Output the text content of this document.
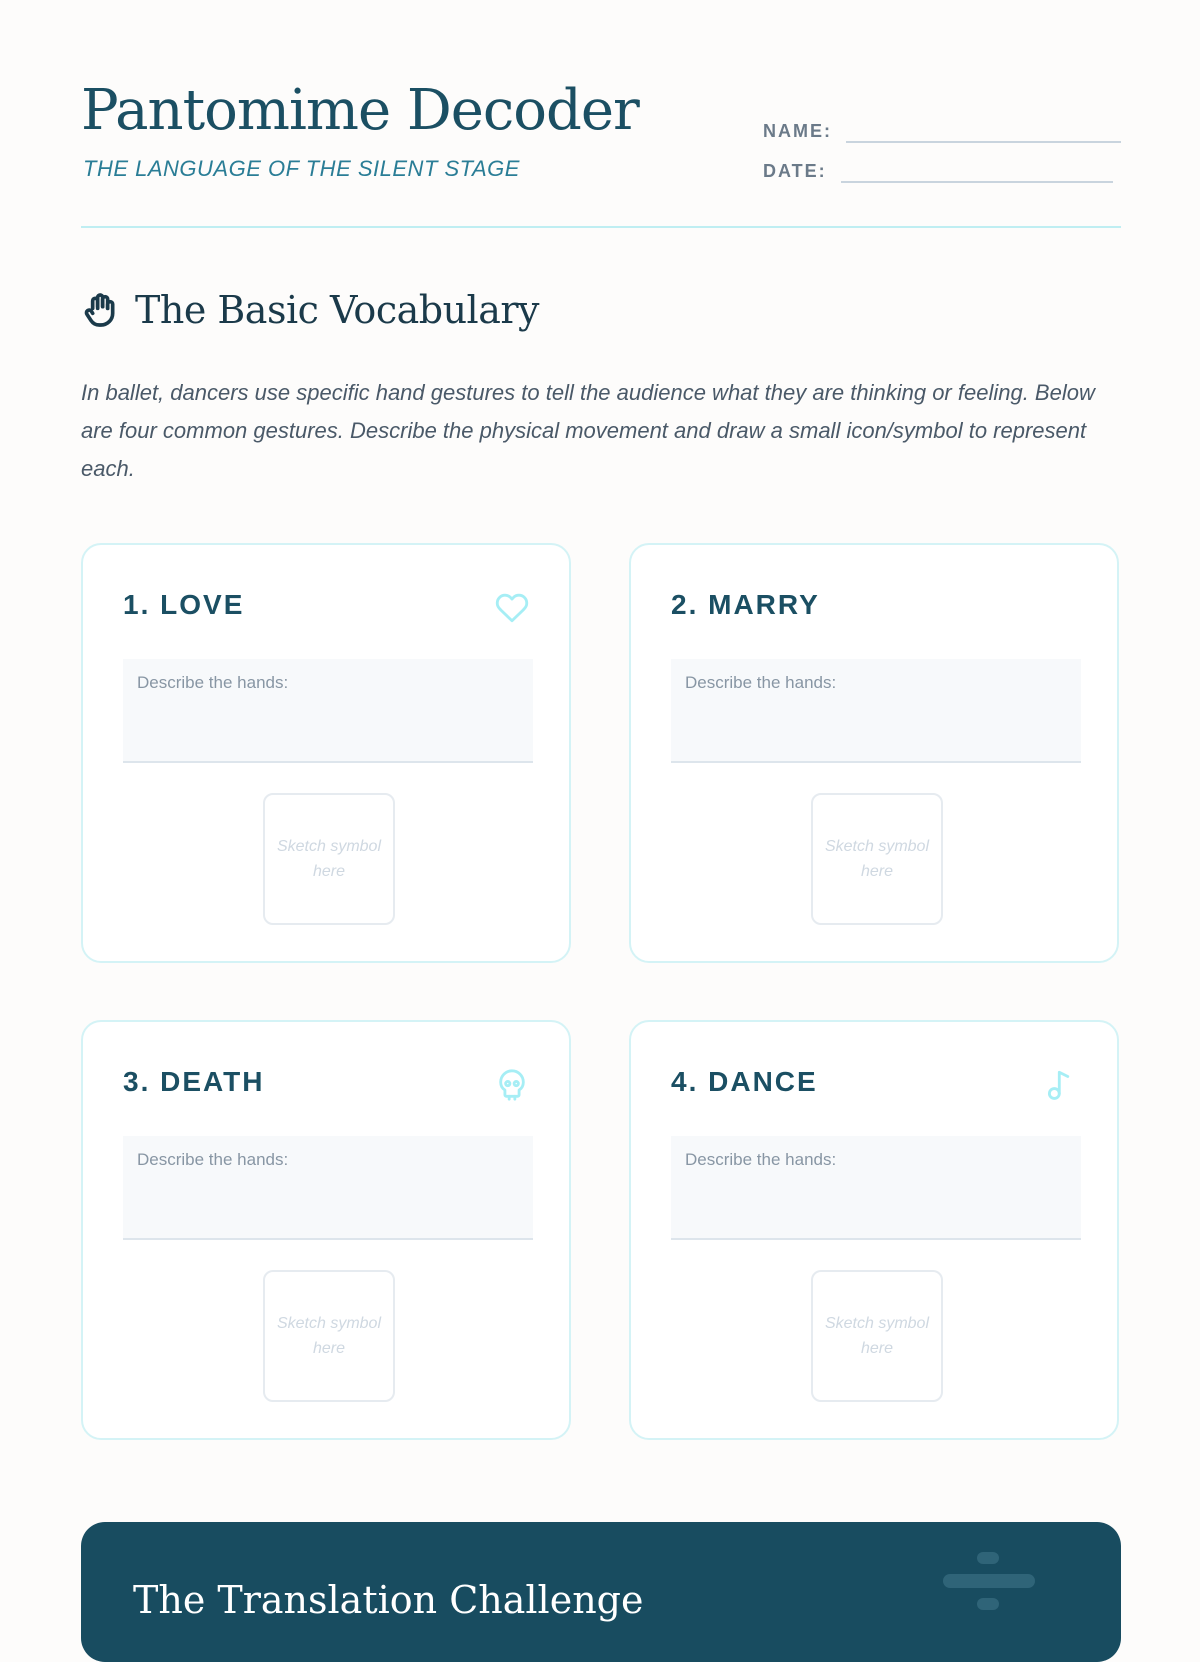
Pantomime Decoder
THE LANGUAGE OF THE SILENT STAGE
NAME:
DATE:
The Basic Vocabulary

In ballet, dancers use specific hand gestures to tell the audience what they are thinking or feeling. Below are four common gestures. Describe the physical movement and draw a small icon/symbol to represent each.

1. LOVE
Describe the hands:
Sketch symbol here
2. MARRY
Describe the hands:
Sketch symbol here
3. DEATH
Describe the hands:
Sketch symbol here
4. DANCE
Describe the hands:
Sketch symbol here
The Translation Challenge
